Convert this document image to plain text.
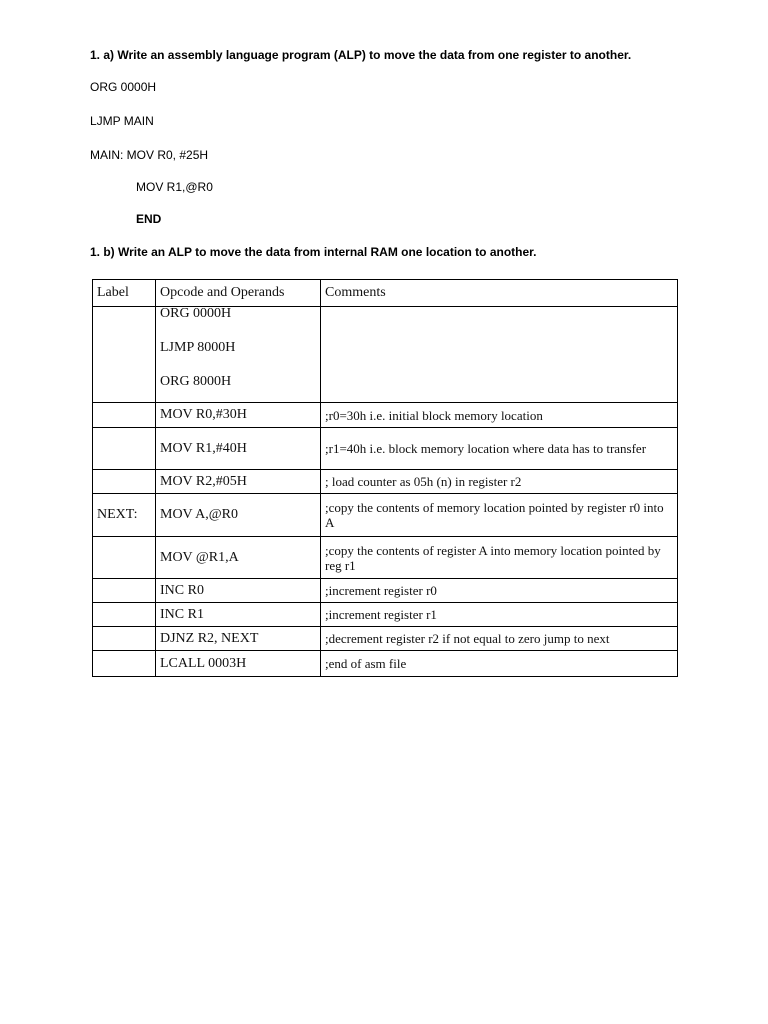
1. a) Write an assembly language program (ALP) to move the data from one register to another.
ORG 0000H
LJMP MAIN
MAIN: MOV R0, #25H
MOV R1,@R0
END
1. b) Write an ALP to move the data from internal RAM one location to another.
Label	Opcode and Operands	Comments

	ORG 0000H
LJMP 8000H
ORG 8000H	

	MOV R0,#30H	;r0=30h i.e. initial block memory location
	MOV R1,#40H	;r1=40h i.e. block memory location where data has to transfer
	MOV R2,#05H	; load counter as 05h (n) in register r2
NEXT:	MOV A,@R0	;copy the contents of memory location pointed by register r0 into A
	MOV @R1,A	;copy the contents of register A into memory location pointed by reg r1
	INC R0	;increment register r0
	INC R1	;increment register r1
	DJNZ R2, NEXT	;decrement register r2 if not equal to zero jump to next
	LCALL 0003H	;end of asm file
